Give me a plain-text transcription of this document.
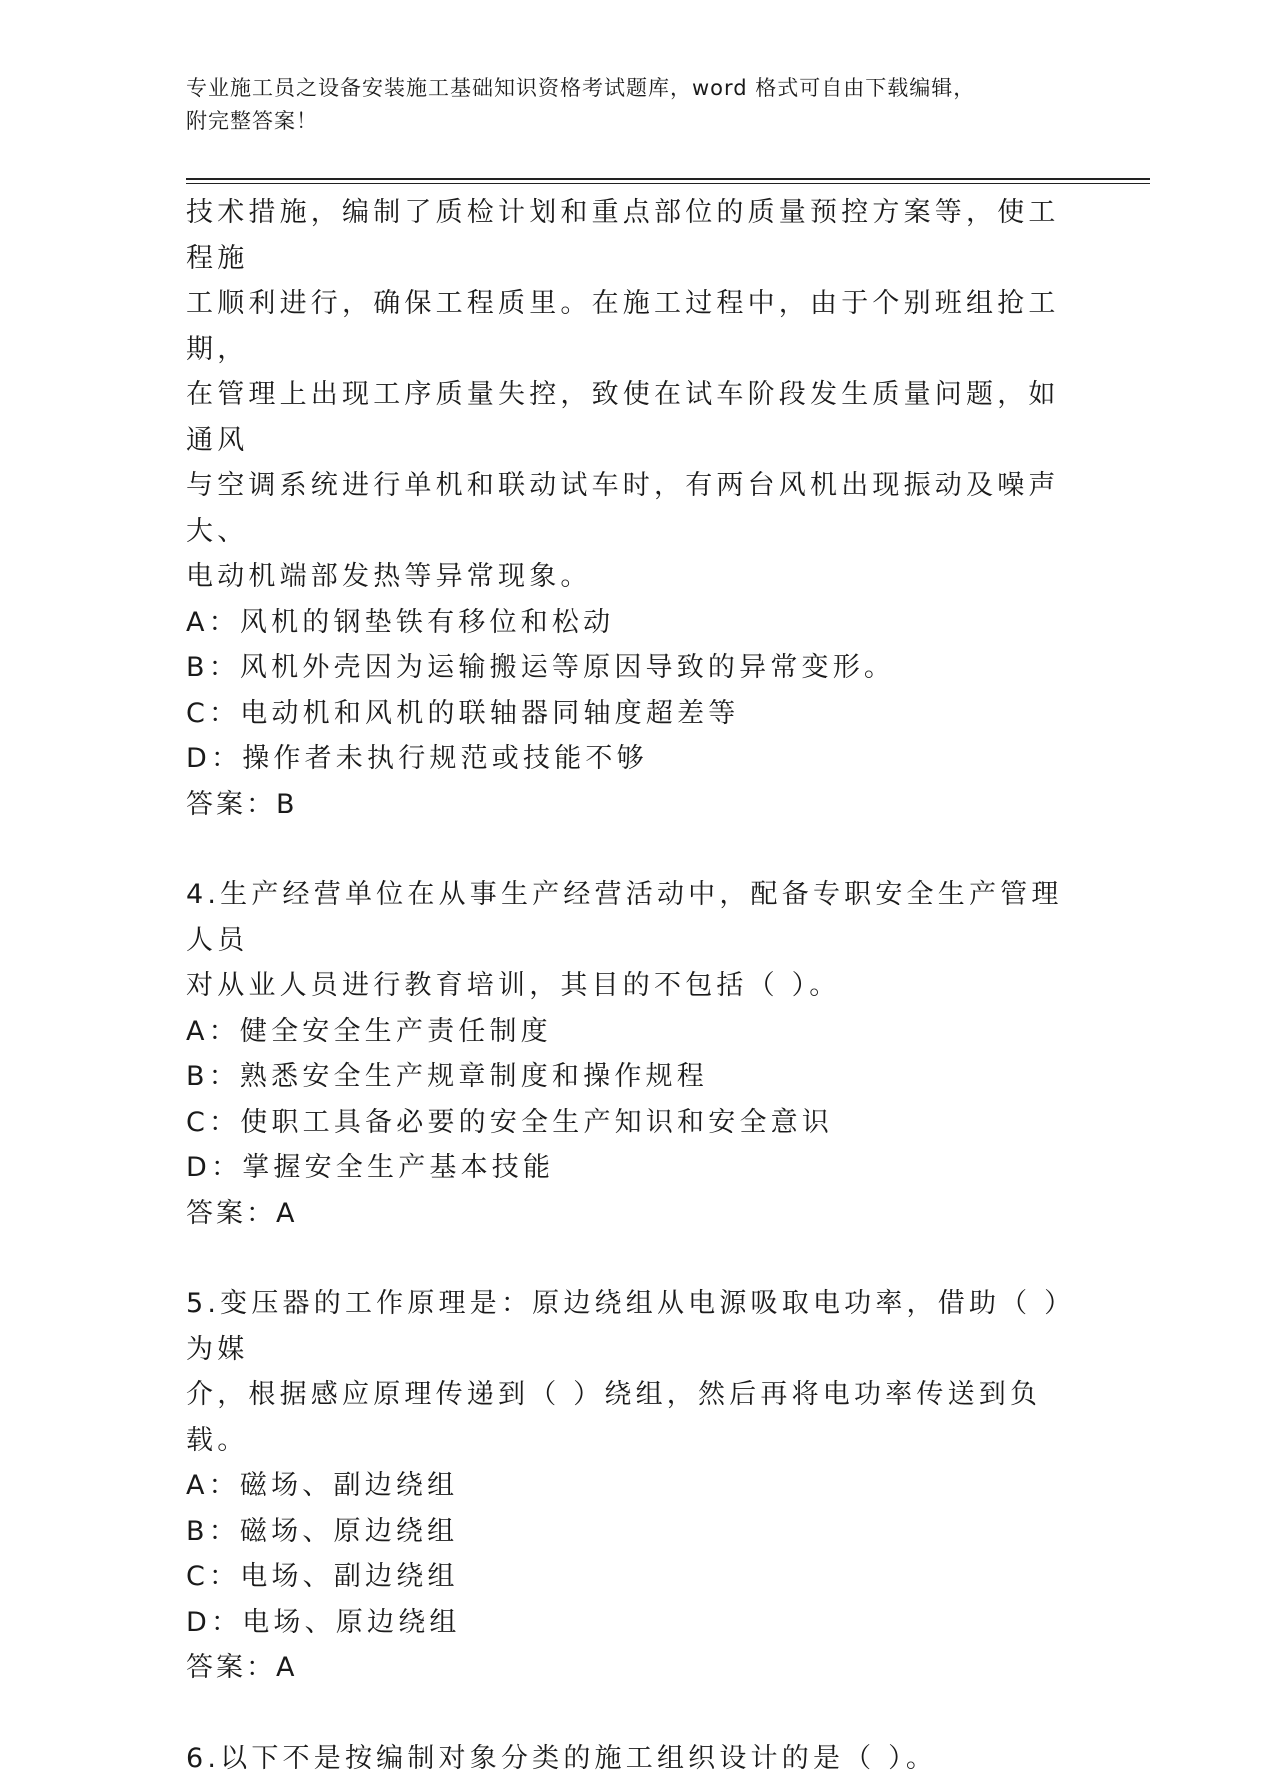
专业施工员之设备安装施工基础知识资格考试题库，word 格式可自由下载编辑，
附完整答案！

技术措施，编制了质检计划和重点部位的质量预控方案等，使工程施

工顺利进行，确保工程质里。在施工过程中，由于个别班组抢工期，

在管理上出现工序质量失控，致使在试车阶段发生质量问题，如通风

与空调系统进行单机和联动试车时，有两台风机出现振动及噪声大、

电动机端部发热等异常现象。

A：风机的钢垫铁有移位和松动

B：风机外壳因为运输搬运等原因导致的异常变形。

C：电动机和风机的联轴器同轴度超差等

D：操作者未执行规范或技能不够

答案：B

4.生产经营单位在从事生产经营活动中，配备专职安全生产管理人员

对从业人员进行教育培训，其目的不包括（ ）。

A：健全安全生产责任制度

B：熟悉安全生产规章制度和操作规程

C：使职工具备必要的安全生产知识和安全意识

D：掌握安全生产基本技能

答案：A

5.变压器的工作原理是：原边绕组从电源吸取电功率，借助（ ）为媒

介，根据感应原理传递到（ ）绕组，然后再将电功率传送到负载。

A：磁场、副边绕组

B：磁场、原边绕组

C：电场、副边绕组

D：电场、原边绕组

答案：A

6.以下不是按编制对象分类的施工组织设计的是（ ）。
